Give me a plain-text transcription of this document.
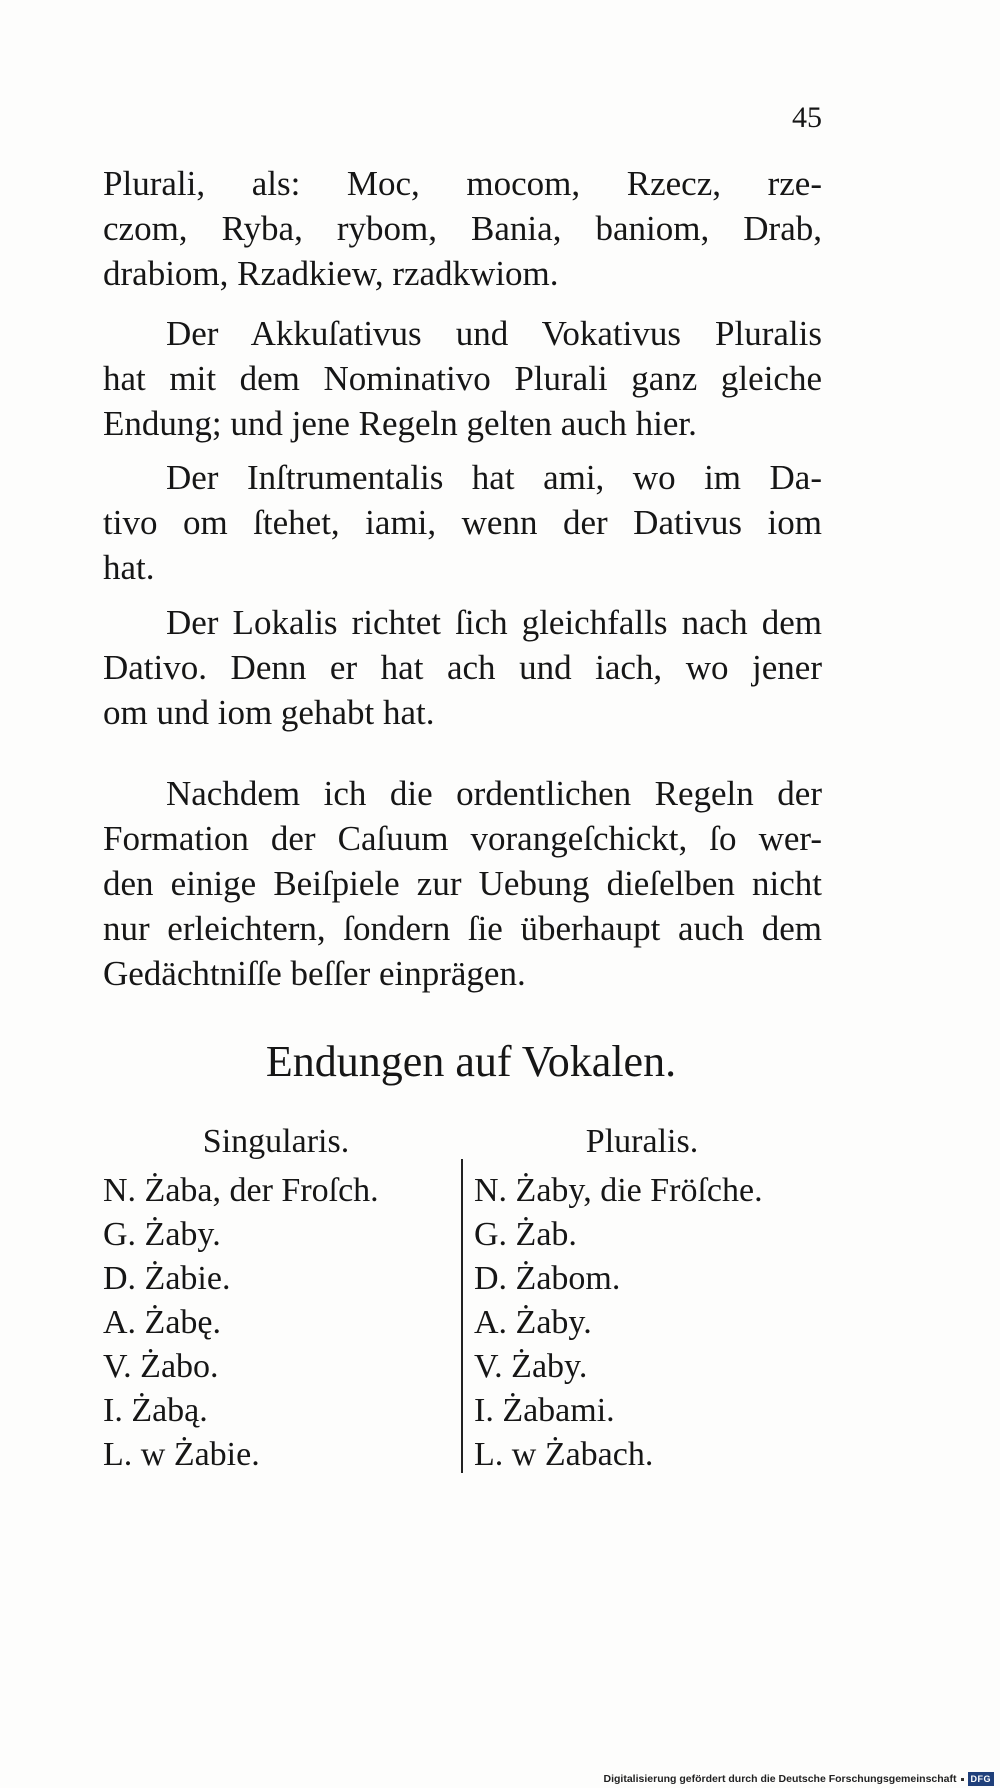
45
Plurali, als: Moc, mocom, Rzecz, rze-
czom, Ryba, rybom, Bania, baniom, Drab,
drabiom, Rzadkiew, rzadkwiom.
Der Akkuſativus und Vokativus Pluralis
hat mit dem Nominativo Plurali ganz gleiche
Endung; und jene Regeln gelten auch hier.
Der Inſtrumentalis hat ami, wo im Da-
tivo om ſtehet, iami, wenn der Dativus iom
hat.
Der Lokalis richtet ſich gleichfalls nach dem
Dativo. Denn er hat ach und iach, wo jener
om und iom gehabt hat.
Nachdem ich die ordentlichen Regeln der
Formation der Caſuum vorangeſchickt, ſo wer-
den einige Beiſpiele zur Uebung dieſelben nicht
nur erleichtern, ſondern ſie überhaupt auch dem
Gedächtniſſe beſſer einprägen.
Endungen auf Vokalen.
Singularis.	Pluralis.
N. Żaba, der Froſch.
G. Żaby.
D. Żabie.
A. Żabę.
V. Żabo.
I. Żabą.
L. w Żabie.
N. Żaby, die Fröſche.
G. Żab.
D. Żabom.
A. Żaby.
V. Żaby.
I. Żabami.
L. w Żabach.
Digitalisierung gefördert durch die Deutsche Forschungsgemeinschaft	DFG
